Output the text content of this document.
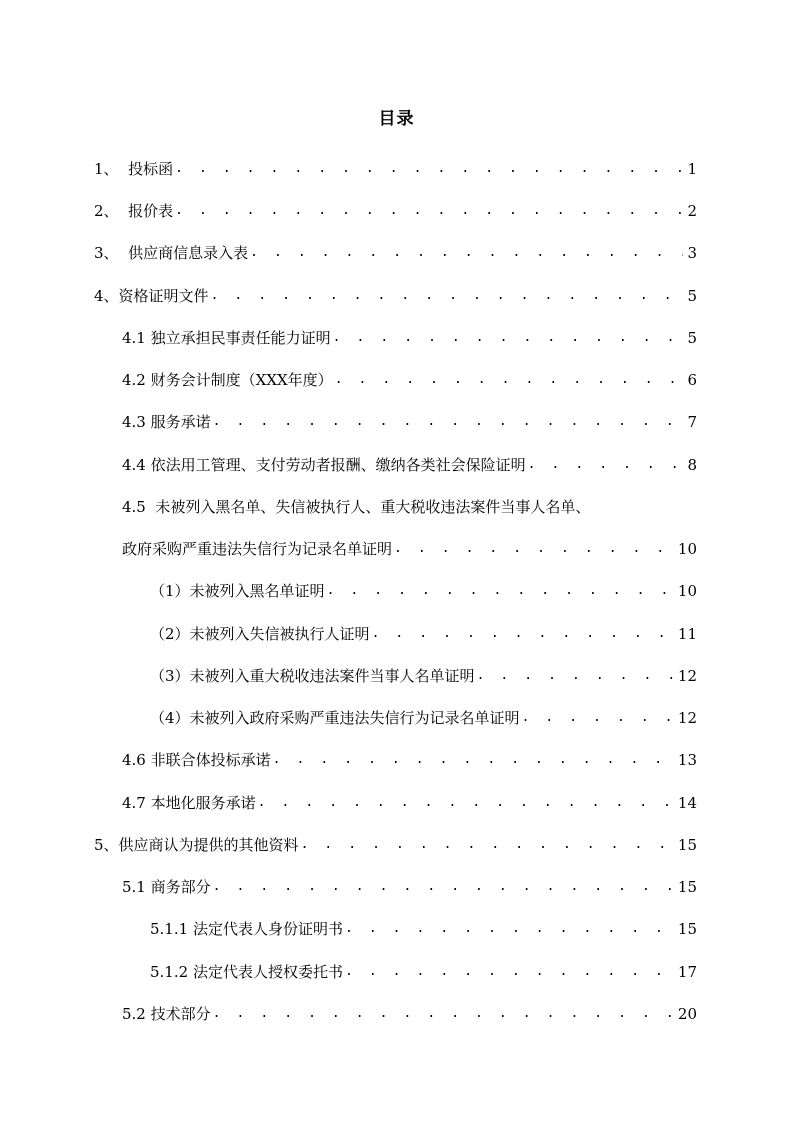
目录
1、 投标函 . . .	1
2、 报价表 . . .	2
3、 供应商信息录入表 . . .	3
4、资格证明文件 . . .	5
4.1 独立承担民事责任能力证明 . . .	5
4.2 财务会计制度（XXX年度） . . .	6
4.3 服务承诺 . . .	7
4.4 依法用工管理、支付劳动者报酬、缴纳各类社会保险证明 . . .	8
4.5 未被列入黑名单、失信被执行人、重大税收违法案件当事人名单、
政府采购严重违法失信行为记录名单证明 . . .	10
（1）未被列入黑名单证明 . . .	10
（2）未被列入失信被执行人证明 . . .	11
（3）未被列入重大税收违法案件当事人名单证明 . . .	12
（4）未被列入政府采购严重违法失信行为记录名单证明 . . .	12
4.6 非联合体投标承诺 . . .	13
4.7 本地化服务承诺 . . .	14
5、供应商认为提供的其他资料 . . .	15
5.1 商务部分 . . .	15
5.1.1 法定代表人身份证明书 . . .	15
5.1.2 法定代表人授权委托书 . . .	17
5.2 技术部分 . . .	20
